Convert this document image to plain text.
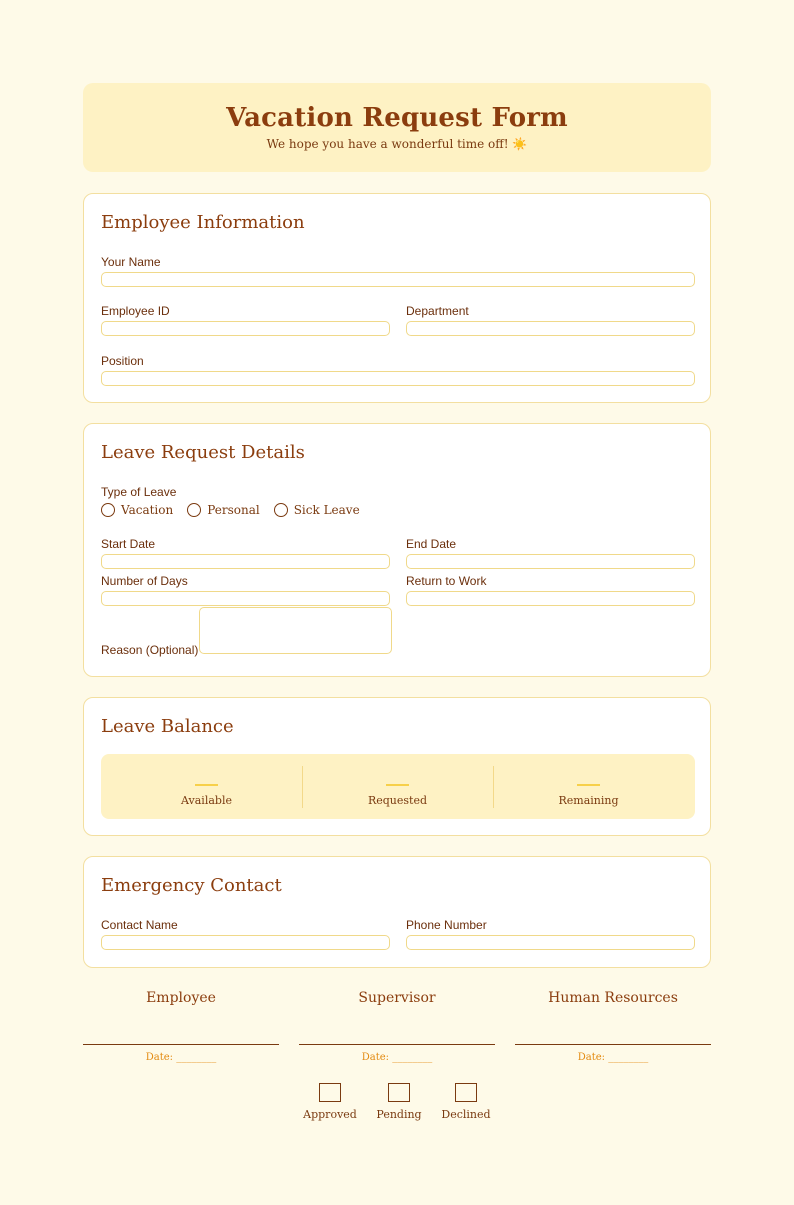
Vacation Request Form
We hope you have a wonderful time off! ☀️
Employee Information
Your Name
Employee ID	Department
Position
Leave Request Details
Type of Leave
Vacation	Personal	Sick Leave
Start Date	End Date
Number of Days	Return to Work
Reason (Optional)
Leave Balance
Available	Requested	Remaining
Emergency Contact
Contact Name	Phone Number
Employee
Date: ________
Supervisor
Date: ________
Human Resources
Date: ________
Approved	Pending	Declined
